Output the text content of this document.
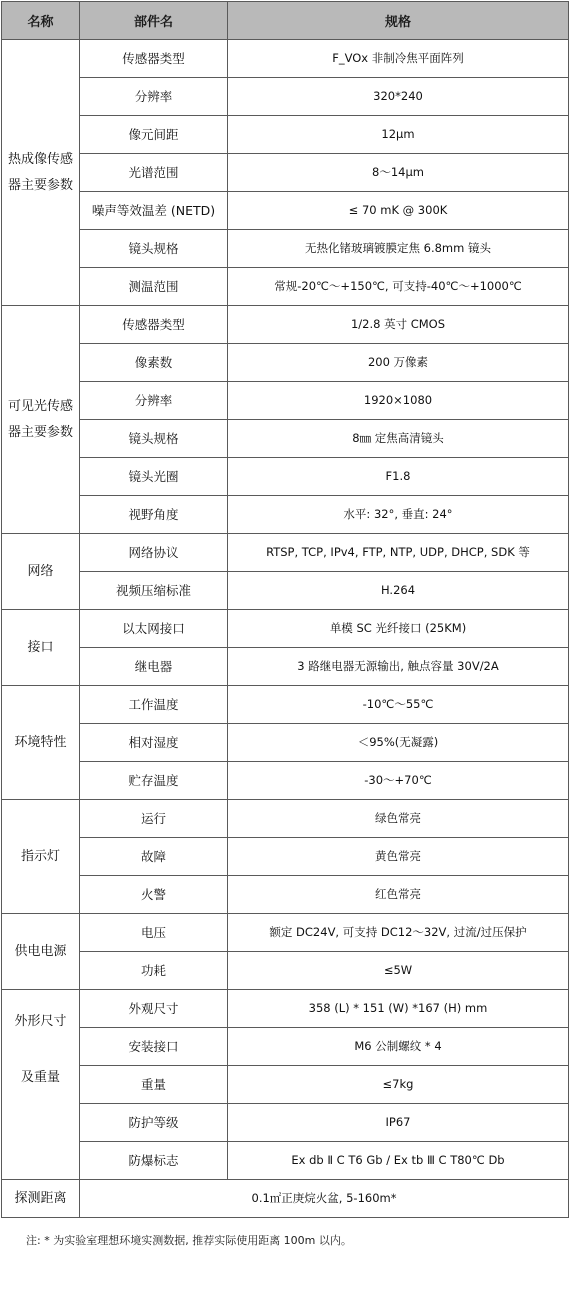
名称	部件名	规格
热成像传感器主要参数	传感器类型	F_VOx 非制冷焦平面阵列
	分辨率	320*240
	像元间距	12μm
	光谱范围	8～14μm
	噪声等效温差 (NETD)	≤ 70 mK @ 300K
	镜头规格	无热化锗玻璃镀膜定焦 6.8mm 镜头
	测温范围	常规-20℃～+150℃, 可支持-40℃～+1000℃
可见光传感器主要参数	传感器类型	1/2.8 英寸 CMOS
	像素数	200 万像素
	分辨率	1920×1080
	镜头规格	8㎜ 定焦高清镜头
	镜头光圈	F1.8
	视野角度	水平: 32°, 垂直: 24°
网络	网络协议	RTSP, TCP, IPv4, FTP, NTP, UDP, DHCP, SDK 等
	视频压缩标准	H.264
接口	以太网接口	单模 SC 光纤接口 (25KM)
	继电器	3 路继电器无源输出, 触点容量 30V/2A
环境特性	工作温度	-10℃～55℃
	相对湿度	＜95%(无凝露)
	贮存温度	-30～+70℃
指示灯	运行	绿色常亮
	故障	黄色常亮
	火警	红色常亮
供电电源	电压	额定 DC24V, 可支持 DC12～32V, 过流/过压保护
	功耗	≤5W

外形尺寸	外观尺寸	358 (L) * 151 (W) *167 (H) mm
	安装接口	M6 公制螺纹 * 4

及重量	重量	≤7kg
	防护等级	IP67
	防爆标志	Ex db Ⅱ C T6 Gb / Ex tb Ⅲ C T80℃ Db
探测距离	0.1㎡正庚烷火盆, 5-160m*	
注: * 为实验室理想环境实测数据, 推荐实际使用距离 100m 以内。
